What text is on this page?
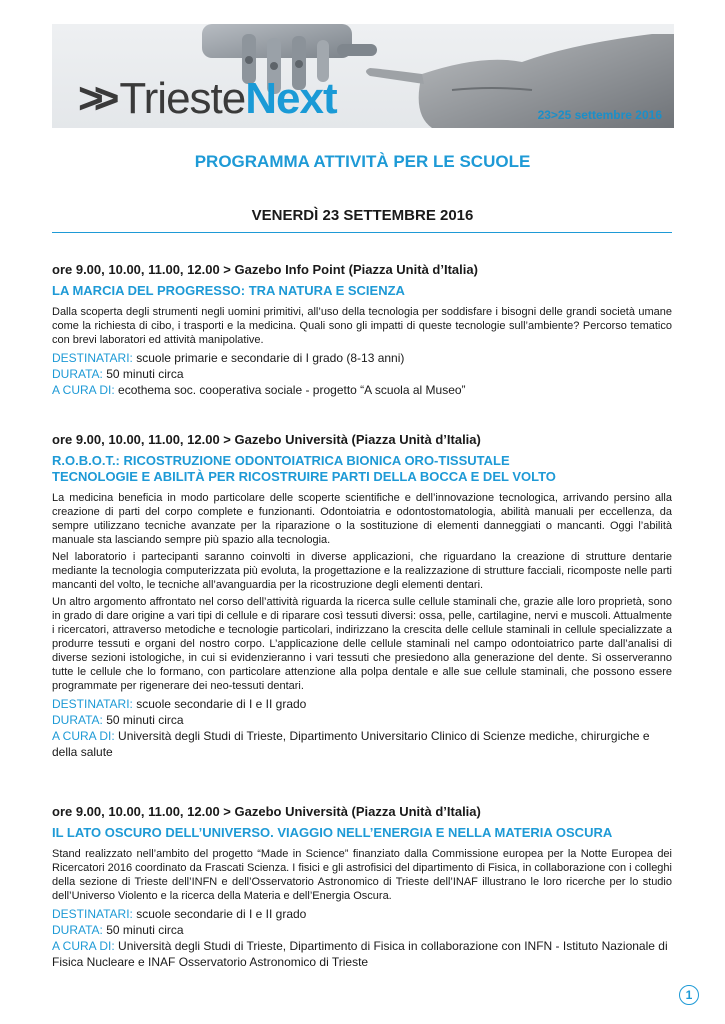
>> TriesteNext	23>25 settembre 2016
PROGRAMMA ATTIVITÀ PER LE SCUOLE
VENERDÌ 23 SETTEMBRE 2016

ore 9.00, 10.00, 11.00, 12.00 > Gazebo Info Point (Piazza Unità d’Italia)

LA MARCIA DEL PROGRESSO: TRA NATURA E SCIENZA

Dalla scoperta degli strumenti negli uomini primitivi, all’uso della tecnologia per soddisfare i bisogni delle grandi società umane come la richiesta di cibo, i trasporti e la medicina. Quali sono gli impatti di queste tecnologie sull’ambiente? Percorso tematico con brevi laboratori ed attività manipolative.

DESTINATARI: scuole primarie e secondarie di I grado (8-13 anni)

DURATA: 50 minuti circa

A CURA DI: ecothema soc. cooperativa sociale - progetto “A scuola al Museo”

ore 9.00, 10.00, 11.00, 12.00 > Gazebo Università (Piazza Unità d’Italia)

R.O.B.O.T.: RICOSTRUZIONE ODONTOIATRICA BIONICA ORO-TISSUTALE
TECNOLOGIE E ABILITÀ PER RICOSTRUIRE PARTI DELLA BOCCA E DEL VOLTO

La medicina beneficia in modo particolare delle scoperte scientifiche e dell’innovazione tecnologica, arrivando persino alla creazione di parti del corpo complete e funzionanti. Odontoiatria e odontostomatologia, abilità manuali per eccellenza, da sempre utilizzano tecniche avanzate per la riparazione o la sostituzione di elementi danneggiati o mancanti. Oggi l’abilità manuale sta lasciando sempre più spazio alla tecnologia.

Nel laboratorio i partecipanti saranno coinvolti in diverse applicazioni, che riguardano la creazione di strutture dentarie mediante la tecnologia computerizzata più evoluta, la progettazione e la realizzazione di strutture facciali, ricomposte nelle parti mancanti del volto, le tecniche all’avanguardia per la ricostruzione degli elementi dentari.

Un altro argomento affrontato nel corso dell’attività riguarda la ricerca sulle cellule staminali che, grazie alle loro proprietà, sono in grado di dare origine a vari tipi di cellule e di riparare così tessuti diversi: ossa, pelle, cartilagine, nervi e muscoli. Attualmente i ricercatori, attraverso metodiche e tecnologie particolari, indirizzano la crescita delle cellule staminali in cellule specializzate a produrre tessuti e organi del nostro corpo. L’applicazione delle cellule staminali nel campo odontoiatrico parte dall’analisi di diverse sezioni istologiche, in cui si evidenzieranno i vari tessuti che presiedono alla generazione del dente. Si osserveranno tutte le cellule che lo formano, con particolare attenzione alla polpa dentale e alle sue cellule staminali, che possono essere programmate per rigenerare dei neo-tessuti dentari.

DESTINATARI: scuole secondarie di I e II grado

DURATA: 50 minuti circa

A CURA DI: Università degli Studi di Trieste, Dipartimento Universitario Clinico di Scienze mediche, chirurgiche e della salute

ore 9.00, 10.00, 11.00, 12.00 > Gazebo Università (Piazza Unità d’Italia)

IL LATO OSCURO DELL’UNIVERSO. VIAGGIO NELL’ENERGIA E NELLA MATERIA OSCURA

Stand realizzato nell’ambito del progetto “Made in Science” finanziato dalla Commissione europea per la Notte Europea dei Ricercatori 2016 coordinato da Frascati Scienza. I fisici e gli astrofisici del dipartimento di Fisica, in collaborazione con i colleghi della sezione di Trieste dell’INFN e dell’Osservatorio Astronomico di Trieste dell’INAF illustrano le loro ricerche per lo studio dell’Universo Violento e la ricerca della Materia e dell’Energia Oscura.

DESTINATARI: scuole secondarie di I e II grado

DURATA: 50 minuti circa

A CURA DI: Università degli Studi di Trieste, Dipartimento di Fisica in collaborazione con INFN - Istituto Nazionale di Fisica Nucleare e INAF Osservatorio Astronomico di Trieste

1
